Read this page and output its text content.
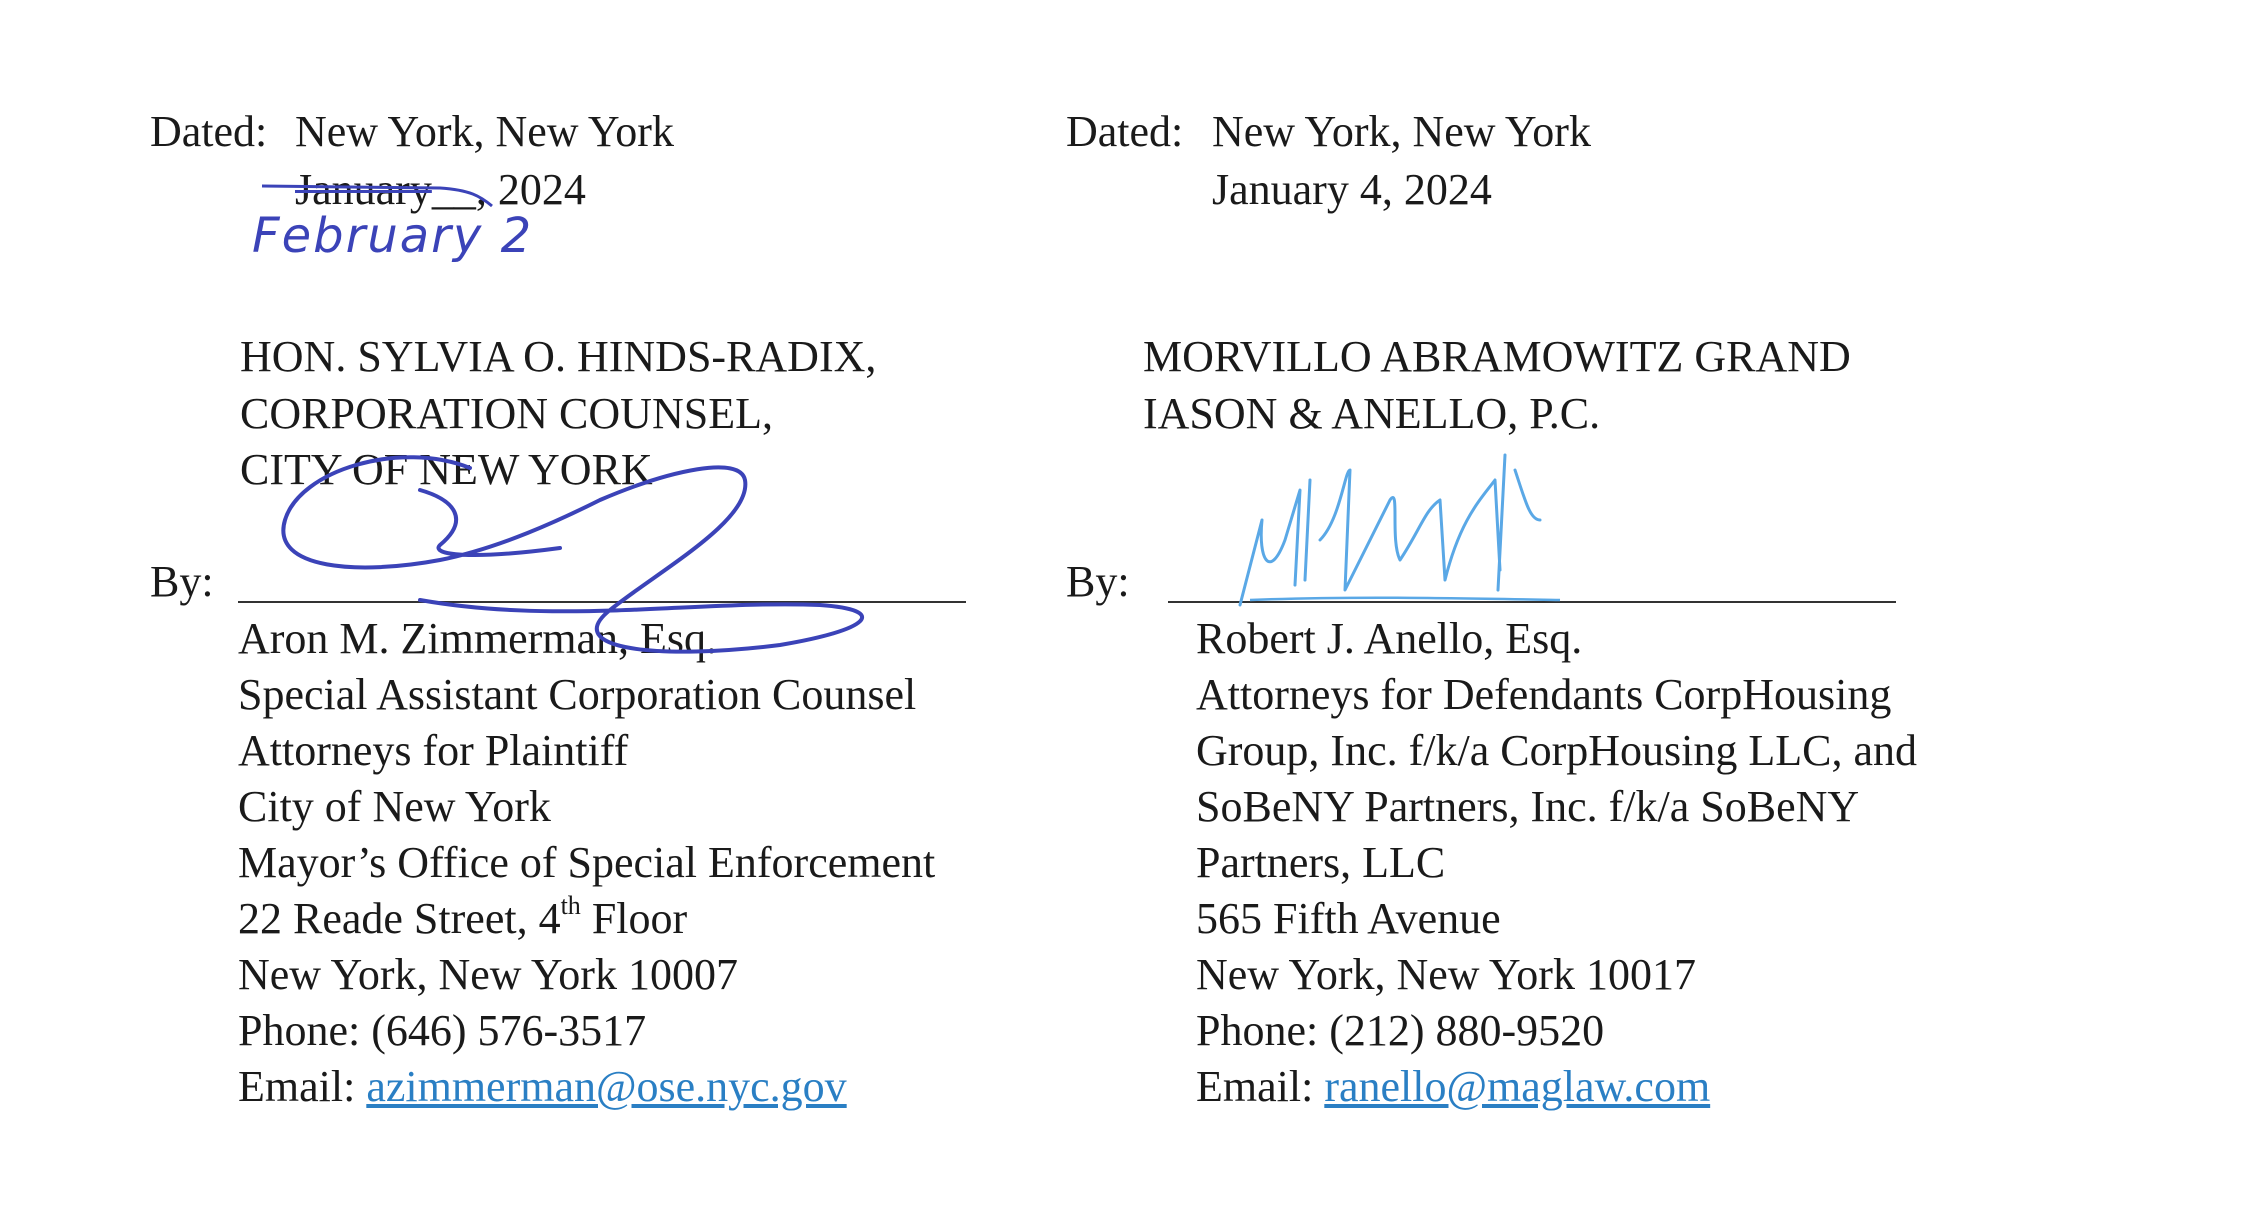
Dated: New York, New York
January__, 2024
February 2
HON. SYLVIA O. HINDS-RADIX,
CORPORATION COUNSEL,
CITY OF NEW YORK
By:
Aron M. Zimmerman, Esq.
Special Assistant Corporation Counsel
Attorneys for Plaintiff
City of New York
Mayor’s Office of Special Enforcement
22 Reade Street, 4th Floor
New York, New York 10007
Phone: (646) 576-3517
Email: azimmerman@ose.nyc.gov
Dated: New York, New York
January 4, 2024
MORVILLO ABRAMOWITZ GRAND
IASON & ANELLO, P.C.
By:
Robert J. Anello, Esq.
Attorneys for Defendants CorpHousing
Group, Inc. f/k/a CorpHousing LLC, and
SoBeNY Partners, Inc. f/k/a SoBeNY
Partners, LLC
565 Fifth Avenue
New York, New York 10017
Phone: (212) 880-9520
Email: ranello@maglaw.com
